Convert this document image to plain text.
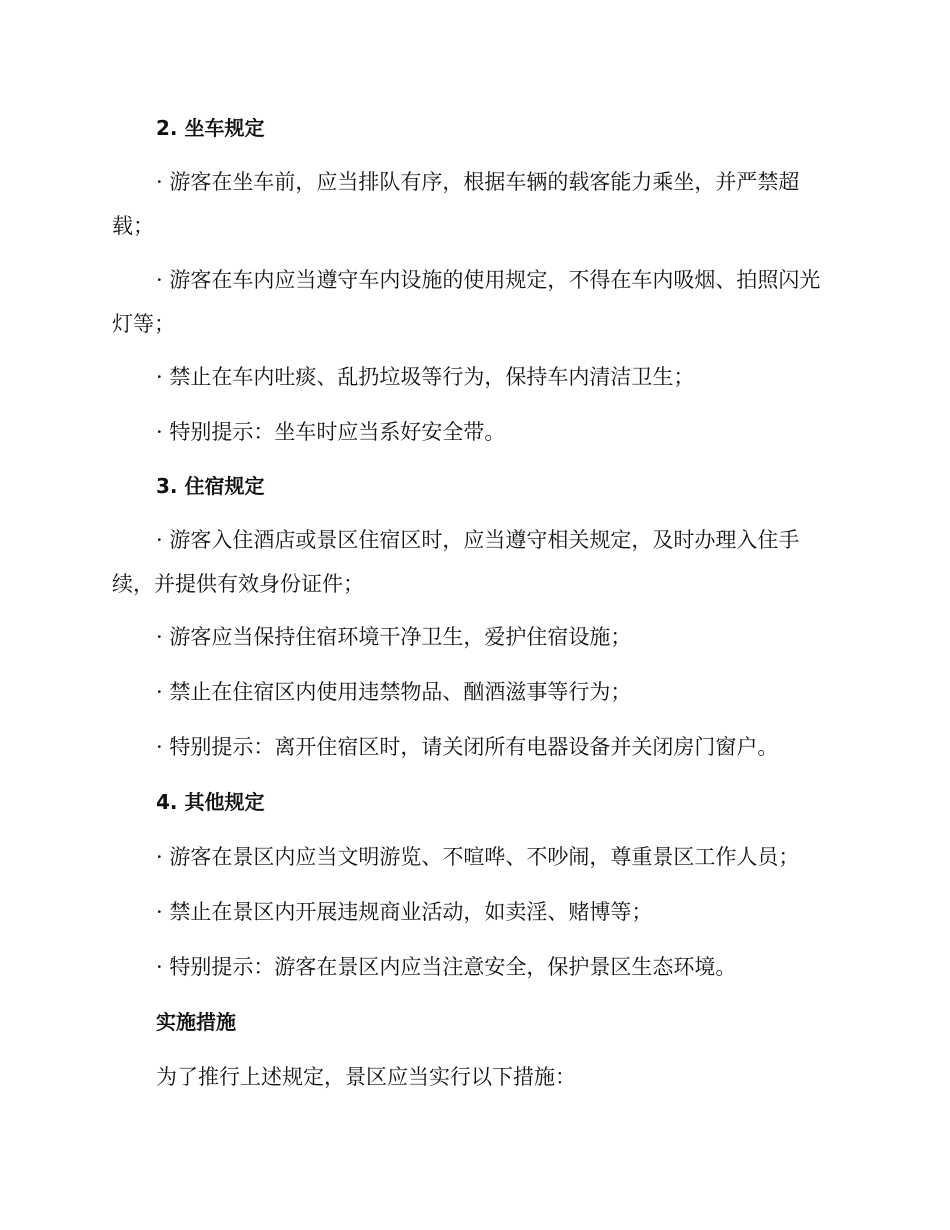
2. 坐车规定

· 游客在坐车前，应当排队有序，根据车辆的载客能力乘坐，并严禁超载；

· 游客在车内应当遵守车内设施的使用规定，不得在车内吸烟、拍照闪光灯等；

· 禁止在车内吐痰、乱扔垃圾等行为，保持车内清洁卫生；

· 特别提示：坐车时应当系好安全带。

3. 住宿规定

· 游客入住酒店或景区住宿区时，应当遵守相关规定，及时办理入住手续，并提供有效身份证件；

· 游客应当保持住宿环境干净卫生，爱护住宿设施；

· 禁止在住宿区内使用违禁物品、酗酒滋事等行为；

· 特别提示：离开住宿区时，请关闭所有电器设备并关闭房门窗户。

4. 其他规定

· 游客在景区内应当文明游览、不喧哗、不吵闹，尊重景区工作人员；

· 禁止在景区内开展违规商业活动，如卖淫、赌博等；

· 特别提示：游客在景区内应当注意安全，保护景区生态环境。

实施措施

为了推行上述规定，景区应当实行以下措施：
